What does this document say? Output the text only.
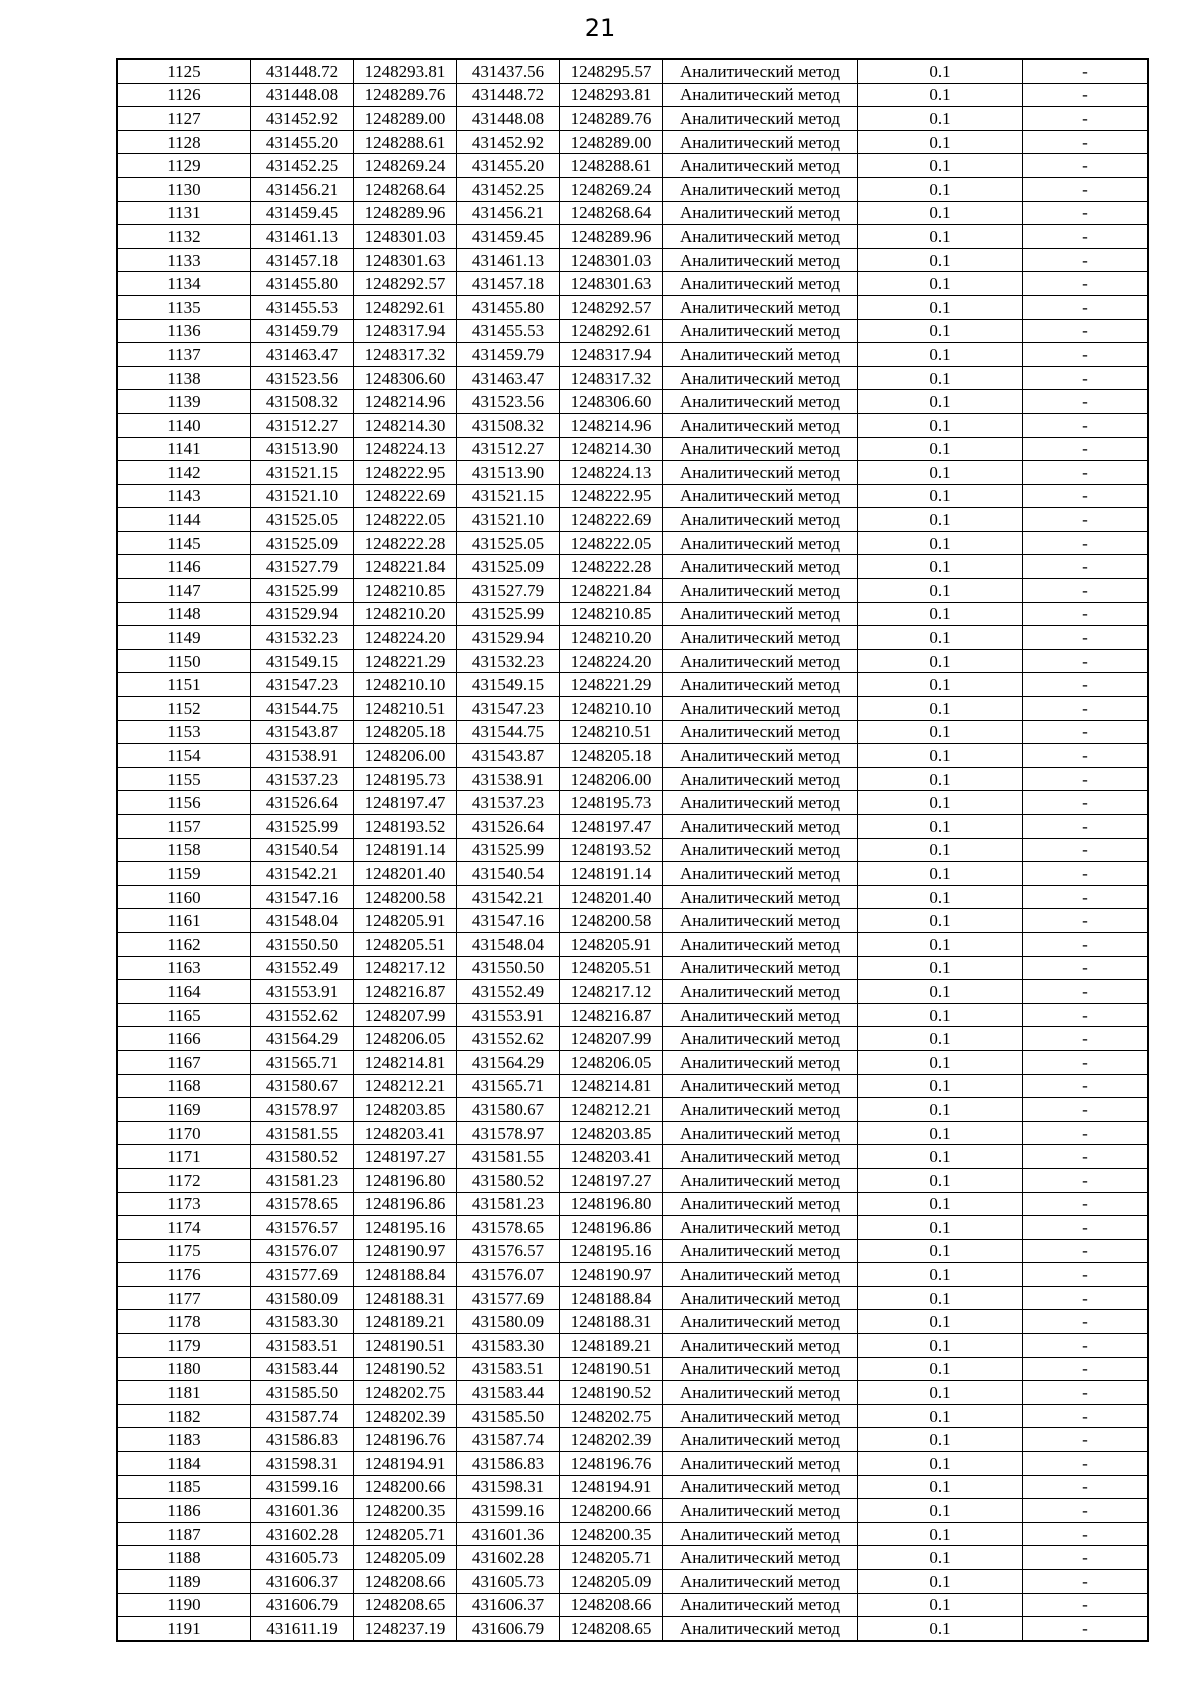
21
1125	431448.72	1248293.81	431437.56	1248295.57	Аналитический метод	0.1	-
1126	431448.08	1248289.76	431448.72	1248293.81	Аналитический метод	0.1	-
1127	431452.92	1248289.00	431448.08	1248289.76	Аналитический метод	0.1	-
1128	431455.20	1248288.61	431452.92	1248289.00	Аналитический метод	0.1	-
1129	431452.25	1248269.24	431455.20	1248288.61	Аналитический метод	0.1	-
1130	431456.21	1248268.64	431452.25	1248269.24	Аналитический метод	0.1	-
1131	431459.45	1248289.96	431456.21	1248268.64	Аналитический метод	0.1	-
1132	431461.13	1248301.03	431459.45	1248289.96	Аналитический метод	0.1	-
1133	431457.18	1248301.63	431461.13	1248301.03	Аналитический метод	0.1	-
1134	431455.80	1248292.57	431457.18	1248301.63	Аналитический метод	0.1	-
1135	431455.53	1248292.61	431455.80	1248292.57	Аналитический метод	0.1	-
1136	431459.79	1248317.94	431455.53	1248292.61	Аналитический метод	0.1	-
1137	431463.47	1248317.32	431459.79	1248317.94	Аналитический метод	0.1	-
1138	431523.56	1248306.60	431463.47	1248317.32	Аналитический метод	0.1	-
1139	431508.32	1248214.96	431523.56	1248306.60	Аналитический метод	0.1	-
1140	431512.27	1248214.30	431508.32	1248214.96	Аналитический метод	0.1	-
1141	431513.90	1248224.13	431512.27	1248214.30	Аналитический метод	0.1	-
1142	431521.15	1248222.95	431513.90	1248224.13	Аналитический метод	0.1	-
1143	431521.10	1248222.69	431521.15	1248222.95	Аналитический метод	0.1	-
1144	431525.05	1248222.05	431521.10	1248222.69	Аналитический метод	0.1	-
1145	431525.09	1248222.28	431525.05	1248222.05	Аналитический метод	0.1	-
1146	431527.79	1248221.84	431525.09	1248222.28	Аналитический метод	0.1	-
1147	431525.99	1248210.85	431527.79	1248221.84	Аналитический метод	0.1	-
1148	431529.94	1248210.20	431525.99	1248210.85	Аналитический метод	0.1	-
1149	431532.23	1248224.20	431529.94	1248210.20	Аналитический метод	0.1	-
1150	431549.15	1248221.29	431532.23	1248224.20	Аналитический метод	0.1	-
1151	431547.23	1248210.10	431549.15	1248221.29	Аналитический метод	0.1	-
1152	431544.75	1248210.51	431547.23	1248210.10	Аналитический метод	0.1	-
1153	431543.87	1248205.18	431544.75	1248210.51	Аналитический метод	0.1	-
1154	431538.91	1248206.00	431543.87	1248205.18	Аналитический метод	0.1	-
1155	431537.23	1248195.73	431538.91	1248206.00	Аналитический метод	0.1	-
1156	431526.64	1248197.47	431537.23	1248195.73	Аналитический метод	0.1	-
1157	431525.99	1248193.52	431526.64	1248197.47	Аналитический метод	0.1	-
1158	431540.54	1248191.14	431525.99	1248193.52	Аналитический метод	0.1	-
1159	431542.21	1248201.40	431540.54	1248191.14	Аналитический метод	0.1	-
1160	431547.16	1248200.58	431542.21	1248201.40	Аналитический метод	0.1	-
1161	431548.04	1248205.91	431547.16	1248200.58	Аналитический метод	0.1	-
1162	431550.50	1248205.51	431548.04	1248205.91	Аналитический метод	0.1	-
1163	431552.49	1248217.12	431550.50	1248205.51	Аналитический метод	0.1	-
1164	431553.91	1248216.87	431552.49	1248217.12	Аналитический метод	0.1	-
1165	431552.62	1248207.99	431553.91	1248216.87	Аналитический метод	0.1	-
1166	431564.29	1248206.05	431552.62	1248207.99	Аналитический метод	0.1	-
1167	431565.71	1248214.81	431564.29	1248206.05	Аналитический метод	0.1	-
1168	431580.67	1248212.21	431565.71	1248214.81	Аналитический метод	0.1	-
1169	431578.97	1248203.85	431580.67	1248212.21	Аналитический метод	0.1	-
1170	431581.55	1248203.41	431578.97	1248203.85	Аналитический метод	0.1	-
1171	431580.52	1248197.27	431581.55	1248203.41	Аналитический метод	0.1	-
1172	431581.23	1248196.80	431580.52	1248197.27	Аналитический метод	0.1	-
1173	431578.65	1248196.86	431581.23	1248196.80	Аналитический метод	0.1	-
1174	431576.57	1248195.16	431578.65	1248196.86	Аналитический метод	0.1	-
1175	431576.07	1248190.97	431576.57	1248195.16	Аналитический метод	0.1	-
1176	431577.69	1248188.84	431576.07	1248190.97	Аналитический метод	0.1	-
1177	431580.09	1248188.31	431577.69	1248188.84	Аналитический метод	0.1	-
1178	431583.30	1248189.21	431580.09	1248188.31	Аналитический метод	0.1	-
1179	431583.51	1248190.51	431583.30	1248189.21	Аналитический метод	0.1	-
1180	431583.44	1248190.52	431583.51	1248190.51	Аналитический метод	0.1	-
1181	431585.50	1248202.75	431583.44	1248190.52	Аналитический метод	0.1	-
1182	431587.74	1248202.39	431585.50	1248202.75	Аналитический метод	0.1	-
1183	431586.83	1248196.76	431587.74	1248202.39	Аналитический метод	0.1	-
1184	431598.31	1248194.91	431586.83	1248196.76	Аналитический метод	0.1	-
1185	431599.16	1248200.66	431598.31	1248194.91	Аналитический метод	0.1	-
1186	431601.36	1248200.35	431599.16	1248200.66	Аналитический метод	0.1	-
1187	431602.28	1248205.71	431601.36	1248200.35	Аналитический метод	0.1	-
1188	431605.73	1248205.09	431602.28	1248205.71	Аналитический метод	0.1	-
1189	431606.37	1248208.66	431605.73	1248205.09	Аналитический метод	0.1	-
1190	431606.79	1248208.65	431606.37	1248208.66	Аналитический метод	0.1	-
1191	431611.19	1248237.19	431606.79	1248208.65	Аналитический метод	0.1	-
